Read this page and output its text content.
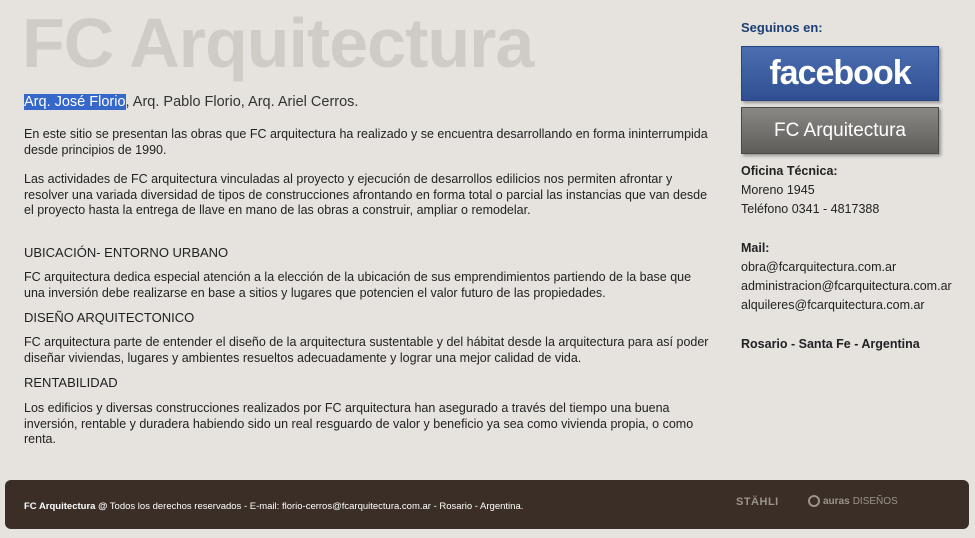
FC Arquitectura
Arq. José Florio, Arq. Pablo Florio, Arq. Ariel Cerros.
En este sitio se presentan las obras que FC arquitectura ha realizado y se encuentra desarrollando en forma ininterrumpida desde principios de 1990.
Las actividades de FC arquitectura vinculadas al proyecto y ejecución de desarrollos edilicios nos permiten afrontar y resolver una variada diversidad de tipos de construcciones afrontando en forma total o parcial las instancias que van desde el proyecto hasta la entrega de llave en mano de las obras a construir, ampliar o remodelar.
UBICACIÓN- ENTORNO URBANO
FC arquitectura dedica especial atención a la elección de la ubicación de sus emprendimientos partiendo de la base que una inversión debe realizarse en base a sitios y lugares que potencien el valor futuro de las propiedades.
DISEÑO ARQUITECTONICO
FC arquitectura parte de entender el diseño de la arquitectura sustentable y del hábitat desde la arquitectura para así poder diseñar viviendas, lugares y ambientes resueltos adecuadamente y lograr una mejor calidad de vida.
RENTABILIDAD
Los edificios y diversas construcciones realizados por FC arquitectura han asegurado a través del tiempo una buena inversión, rentable y duradera habiendo sido un real resguardo de valor y beneficio ya sea como vivienda propia, o como renta.
Seguinos en:
facebook
FC Arquitectura
Oficina Técnica:
Moreno 1945
Teléfono 0341 - 4817388
Mail:
obra@fcarquitectura.com.ar
administracion@fcarquitectura.com.ar
alquileres@fcarquitectura.com.ar
Rosario - Santa Fe - Argentina
FC Arquitectura @ Todos los derechos reservados - E-mail: florio-cerros@fcarquitectura.com.ar - Rosario - Argentina.	STÄHLI	auras DISEÑOS
